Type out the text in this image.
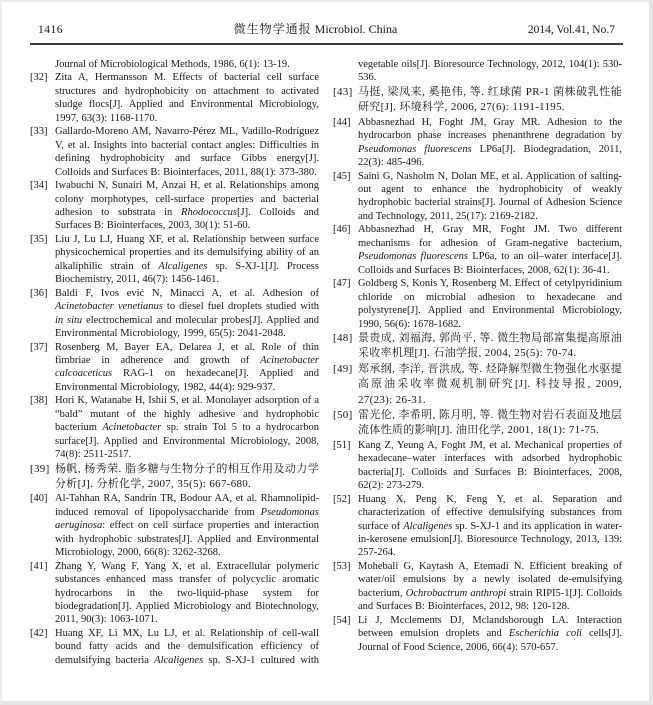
1416	微生物学通报 Microbiol. China	2014, Vol.41, No.7
Journal of Microbiological Methods, 1986, 6(1): 13-19.
[32] Zita A, Hermansson M. Effects of bacterial cell surface structures and hydrophobicity on attachment to activated sludge flocs[J]. Applied and Environmental Microbiology, 1997, 63(3): 1168-1170.
[33] Gallardo-Moreno AM, Navarro-Pérez ML, Vadillo-Rodríguez V, et al. Insights into bacterial contact angles: Difficulties in defining hydrophobicity and surface Gibbs energy[J]. Colloids and Surfaces B: Biointerfaces, 2011, 88(1): 373-380.
[34] Iwabuchi N, Sunairi M, Anzai H, et al. Relationships among colony morphotypes, cell-surface properties and bacterial adhesion to substrata in Rhodococcus[J]. Colloids and Surfaces B: Biointerfaces, 2003, 30(1): 51-60.
[35] Liu J, Lu LJ, Huang XF, et al. Relationship between surface physicochemical properties and its demulsifying ability of an alkaliphilic strain of Alcaligenes sp. S-XJ-1[J]. Process Biochemistry, 2011, 46(7): 1456-1461.
[36] Baldi F, Ivos ević N, Minacci A, et al. Adhesion of Acinetobacter venetianus to diesel fuel droplets studied with in situ electrochemical and molecular probes[J]. Applied and Environmental Microbiology, 1999, 65(5): 2041-2048.
[37] Rosenberg M, Bayer EA, Delarea J, et al. Role of thin fimbriae in adherence and growth of Acinetobacter calcoaceticus RAG-1 on hexadecane[J]. Applied and Environmental Microbiology, 1982, 44(4): 929-937.
[38] Hori K, Watanabe H, Ishii S, et al. Monolayer adsorption of a “bald” mutant of the highly adhesive and hydrophobic bacterium Acinetobacter sp. strain Tol 5 to a hydrocarbon surface[J]. Applied and Environmental Microbiology, 2008, 74(8): 2511-2517.
[39] 杨帆, 杨秀荣. 脂多糖与生物分子的相互作用及动力学分析[J]. 分析化学, 2007, 35(5): 667-680.
[40] Al-Tahhan RA, Sandrin TR, Bodour AA, et al. Rhamnolipid-induced removal of lipopolysaccharide from Pseudomonas aeruginosa: effect on cell surface properties and interaction with hydrophobic substrates[J]. Applied and Environmental Microbiology, 2000, 66(8): 3262-3268.
[41] Zhang Y, Wang F, Yang X, et al. Extracellular polymeric substances enhanced mass transfer of polycyclic aromatic hydrocarbons in the two-liquid-phase system for biodegradation[J]. Applied Microbiology and Biotechnology, 2011, 90(3): 1063-1071.
[42] Huang XF, Li MX, Lu LJ, et al. Relationship of cell-wall bound fatty acids and the demulsification efficiency of demulsifying bacteria Alcaligenes sp. S-XJ-1 cultured with
vegetable oils[J]. Bioresource Technology, 2012, 104(1): 530-536.
[43] 马挺, 梁凤来, 奚艳伟, 等. 红球菌 PR-1 菌株破乳性能研究[J]. 环境科学, 2006, 27(6): 1191-1195.
[44] Abbasnezhad H, Foght JM, Gray MR. Adhesion to the hydrocarbon phase increases phenanthrene degradation by Pseudomonas fluorescens LP6a[J]. Biodegradation, 2011, 22(3): 485-496.
[45] Saini G, Nasholm N, Dolan ME, et al. Application of salting-out agent to enhance the hydrophobicity of weakly hydrophobic bacterial strains[J]. Journal of Adhesion Science and Technology, 2011, 25(17): 2169-2182.
[46] Abbasnezhad H, Gray MR, Foght JM. Two different mechanisms for adhesion of Gram-negative bacterium, Pseudomonas fluorescens LP6a, to an oil–water interface[J]. Colloids and Surfaces B: Biointerfaces, 2008, 62(1): 36-41.
[47] Goldberg S, Konis Y, Rosenberg M. Effect of cetylpyridinium chloride on microbial adhesion to hexadecane and polystyrene[J]. Applied and Environmental Microbiology, 1990, 56(6): 1678-1682.
[48] 景贵成, 刘福海, 郭尚平, 等. 微生物局部富集提高原油采收率机理[J]. 石油学报, 2004, 25(5): 70-74.
[49] 郑承纲, 李洋, 晋洪成, 等. 烃降解型微生物强化水驱提高原油采收率微观机制研究[J]. 科技导报, 2009, 27(23): 26-31.
[50] 雷光伦, 李希明, 陈月明, 等. 微生物对岩石表面及地层流体性质的影响[J]. 油田化学, 2001, 18(1): 71-75.
[51] Kang Z, Yeung A, Foght JM, et al. Mechanical properties of hexadecane–water interfaces with adsorbed hydrophobic bacteria[J]. Colloids and Surfaces B: Biointerfaces, 2008, 62(2): 273-279.
[52] Huang X, Peng K, Feng Y, et al. Separation and characterization of effective demulsifying substances from surface of Alcaligenes sp. S-XJ-1 and its application in water-in-kerosene emulsion[J]. Bioresource Technology, 2013, 139: 257-264.
[53] Mohebali G, Kaytash A, Etemadi N. Efficient breaking of water/oil emulsions by a newly isolated de-emulsifying bacterium, Ochrobactrum anthropi strain RIPI5-1[J]. Colloids and Surfaces B: Biointerfaces, 2012, 98: 120-128.
[54] Li J, Mcclements DJ, Mclandsborough LA. Interaction between emulsion droplets and Escherichia coli cells[J]. Journal of Food Science, 2006, 66(4): 570-657.
